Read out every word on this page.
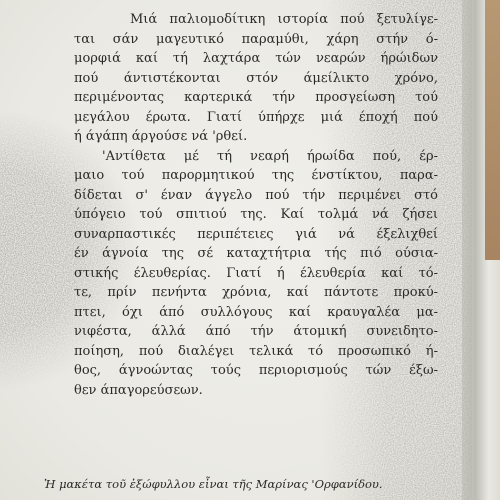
Μιά παλιομοδίτικη ιστορία πού ξετυλίγε-
ται σάν μαγευτικό παραμύθι, χάρη στήν ό-
μορφιά καί τή λαχτάρα τών νεαρών ήρώιδων
πού άντιστέκονται στόν άμείλικτο χρόνο,
περιμένοντας καρτερικά τήν προσγείωση τού
μεγάλου έρωτα. Γιατί ύπήρχε μιά έποχή πού
ή άγάπη άργούσε νά 'ρθεί.
'Αντίθετα μέ τή νεαρή ήρωίδα πού, έρ-
μαιο τού παρορμητικού της ένστίκτου, παρα-
δίδεται σ' έναν άγγελο πού τήν περιμένει στό
ύπόγειο τού σπιτιού της. Καί τολμά νά ζήσει
συναρπαστικές περιπέτειες γιά νά έξελιχθεί
έν άγνοία της σέ καταχτήτρια τής πιό ούσια-
στικής έλευθερίας. Γιατί ή έλευθερία καί τό-
τε, πρίν πενήντα χρόνια, καί πάντοτε προκύ-
πτει, όχι άπό συλλόγους καί κραυγαλέα μα-
νιφέστα, άλλά άπό τήν άτομική συνειδητο-
ποίηση, πού διαλέγει τελικά τό προσωπικό ή-
θος, άγνοώντας τούς περιορισμούς τών έξω-
θεν άπαγορεύσεων.
Ἡ μακέτα τοῦ ἐξώφυλλου εἶναι τῆς Μαρίνας 'Ορφανίδου.
